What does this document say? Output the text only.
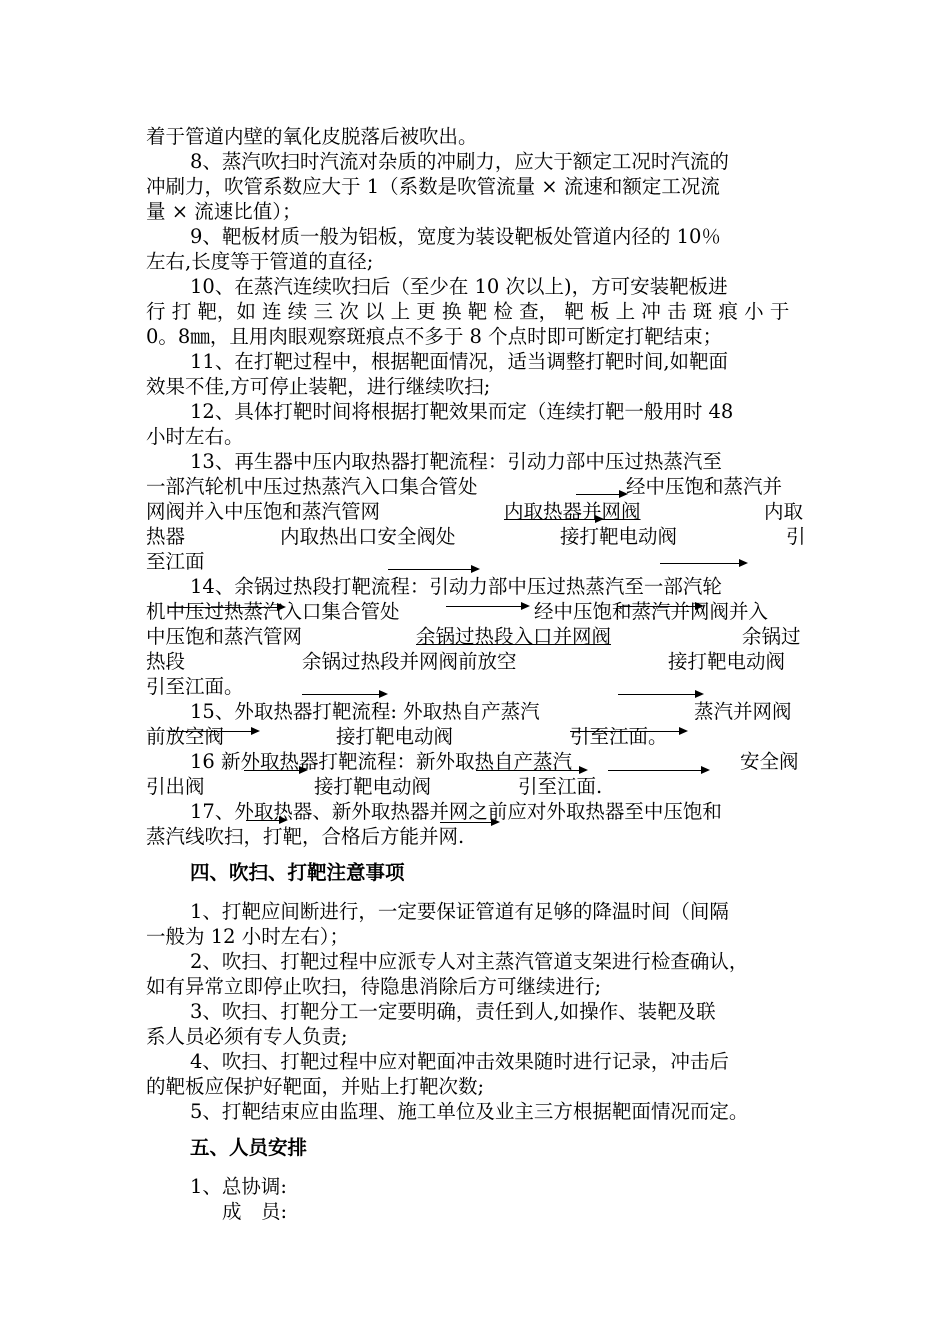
着于管道内壁的氧化皮脱落后被吹出。
8、蒸汽吹扫时汽流对杂质的冲刷力，应大于额定工况时汽流的
冲刷力，吹管系数应大于 1（系数是吹管流量 × 流速和额定工况流
量 × 流速比值）；
9、靶板材质一般为铝板，宽度为装设靶板处管道内径的 10％
左右,长度等于管道的直径;
10、在蒸汽连续吹扫后（至少在 10 次以上)，方可安装靶板进
行 打 靶，如 连 续 三 次 以 上 更 换 靶 检 查， 靶 板 上 冲 击 斑 痕 小 于
0。8㎜，且用肉眼观察斑痕点不多于 8 个点时即可断定打靶结束；
11、在打靶过程中，根据靶面情况，适当调整打靶时间,如靶面
效果不佳,方可停止装靶，进行继续吹扫;
12、具体打靶时间将根据打靶效果而定（连续打靶一般用时 48
小时左右。
13、再生器中压内取热器打靶流程：引动力部中压过热蒸汽至
一部汽轮机中压过热蒸汽入口集合管处	经中压饱和蒸汽并
网阀并入中压饱和蒸汽管网	内取热器并网阀	内取
热器	内取热出口安全阀处	接打靶电动阀	引
至江面
14、余锅过热段打靶流程：引动力部中压过热蒸汽至一部汽轮
机中压过热蒸汽入口集合管处	经中压饱和蒸汽并网阀并入
中压饱和蒸汽管网	余锅过热段入口并网阀	余锅过
热段	余锅过热段并网阀前放空	接打靶电动阀
引至江面。
15、外取热器打靶流程: 外取热自产蒸汽	蒸汽并网阀
前放空阀	接打靶电动阀	引至江面。
16 新外取热器打靶流程：新外取热自产蒸汽	安全阀
引出阀	接打靶电动阀	引至江面.
17、外取热器、新外取热器并网之前应对外取热器至中压饱和
蒸汽线吹扫，打靶，合格后方能并网.
四、吹扫、打靶注意事项
1、打靶应间断进行，一定要保证管道有足够的降温时间（间隔
一般为 12 小时左右）；
2、吹扫、打靶过程中应派专人对主蒸汽管道支架进行检查确认，
如有异常立即停止吹扫，待隐患消除后方可继续进行;
3、吹扫、打靶分工一定要明确，责任到人,如操作、装靶及联
系人员必须有专人负责;
4、吹扫、打靶过程中应对靶面冲击效果随时进行记录，冲击后
的靶板应保护好靶面，并贴上打靶次数;
5、打靶结束应由监理、施工单位及业主三方根据靶面情况而定。
五、人员安排
1、总协调:
成　员:
